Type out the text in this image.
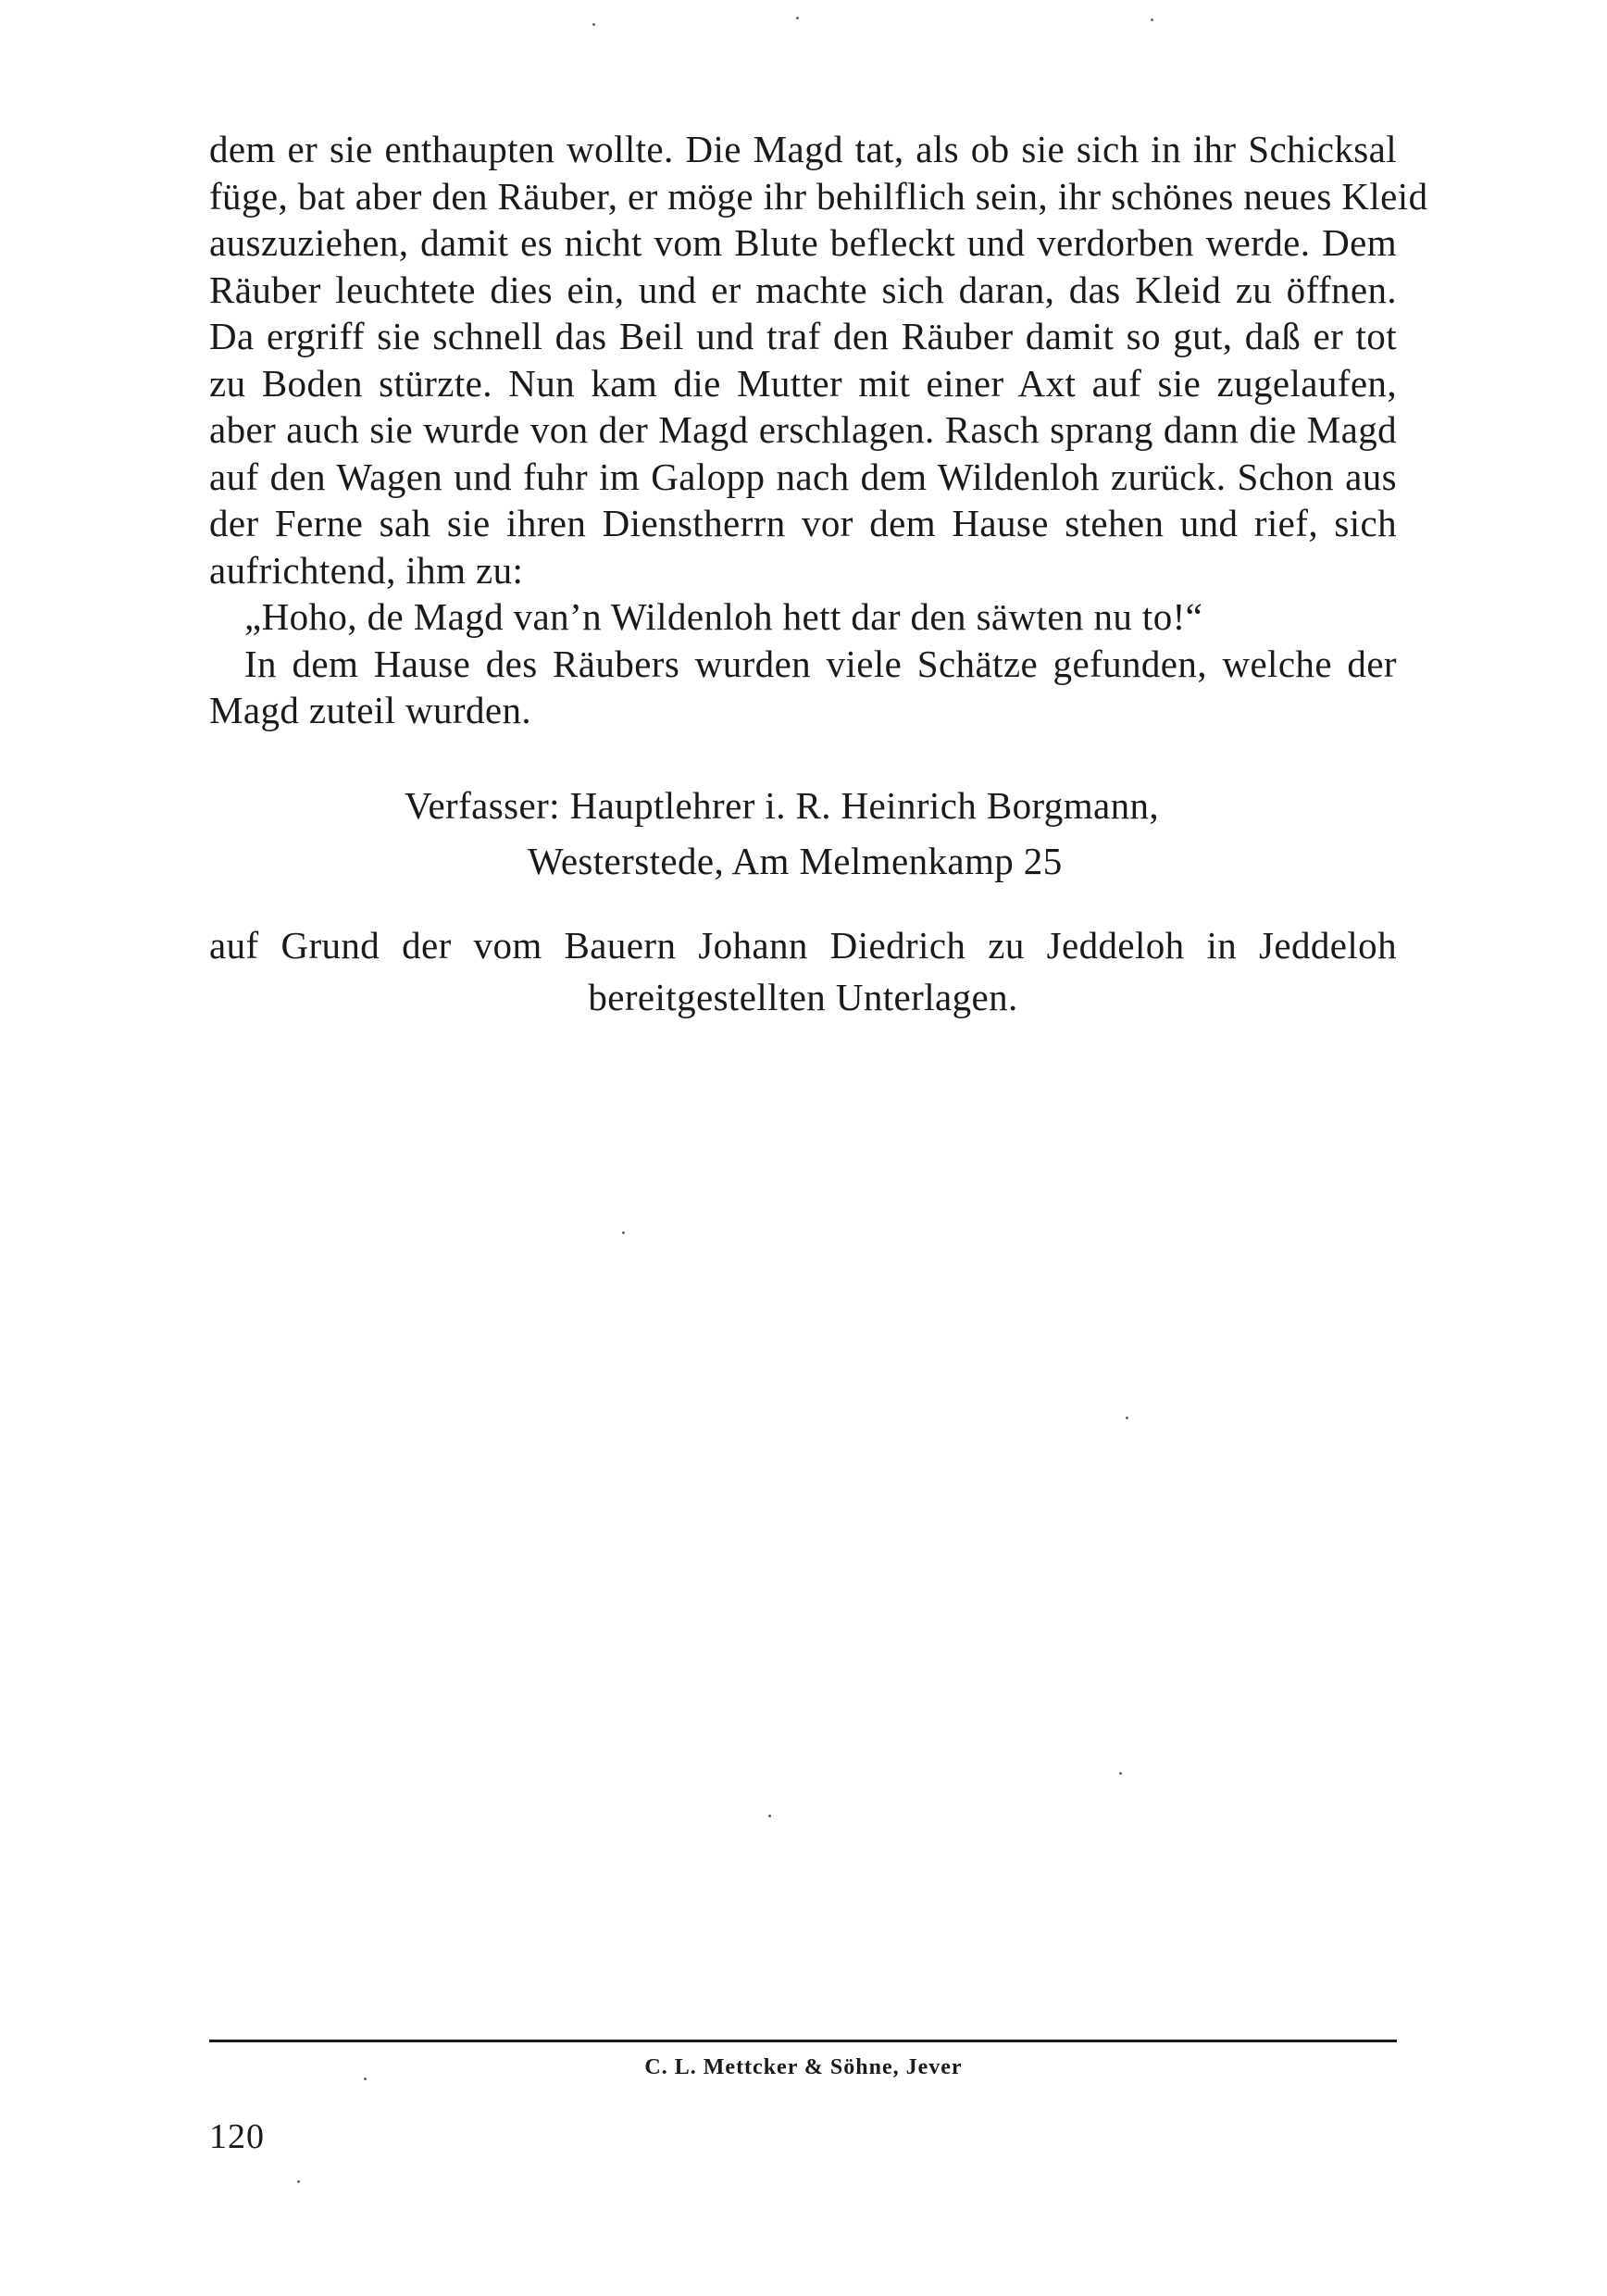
dem er sie enthaupten wollte. Die Magd tat, als ob sie sich in ihr Schicksal
füge, bat aber den Räuber, er möge ihr behilflich sein, ihr schönes neues Kleid
auszuziehen, damit es nicht vom Blute befleckt und verdorben werde. Dem
Räuber leuchtete dies ein, und er machte sich daran, das Kleid zu öffnen.
Da ergriff sie schnell das Beil und traf den Räuber damit so gut, daß er tot
zu Boden stürzte. Nun kam die Mutter mit einer Axt auf sie zugelaufen,
aber auch sie wurde von der Magd erschlagen. Rasch sprang dann die Magd
auf den Wagen und fuhr im Galopp nach dem Wildenloh zurück. Schon aus
der Ferne sah sie ihren Dienstherrn vor dem Hause stehen und rief, sich
aufrichtend, ihm zu:
„Hoho, de Magd van’n Wildenloh hett dar den säwten nu to!“
In dem Hause des Räubers wurden viele Schätze gefunden, welche der
Magd zuteil wurden.
Verfasser: Hauptlehrer i. R. Heinrich Borgmann,
Westerstede, Am Melmenkamp 25
auf Grund der vom Bauern Johann Diedrich zu Jeddeloh in Jeddeloh
bereitgestellten Unterlagen.
C. L. Mettcker & Söhne, Jever
120
